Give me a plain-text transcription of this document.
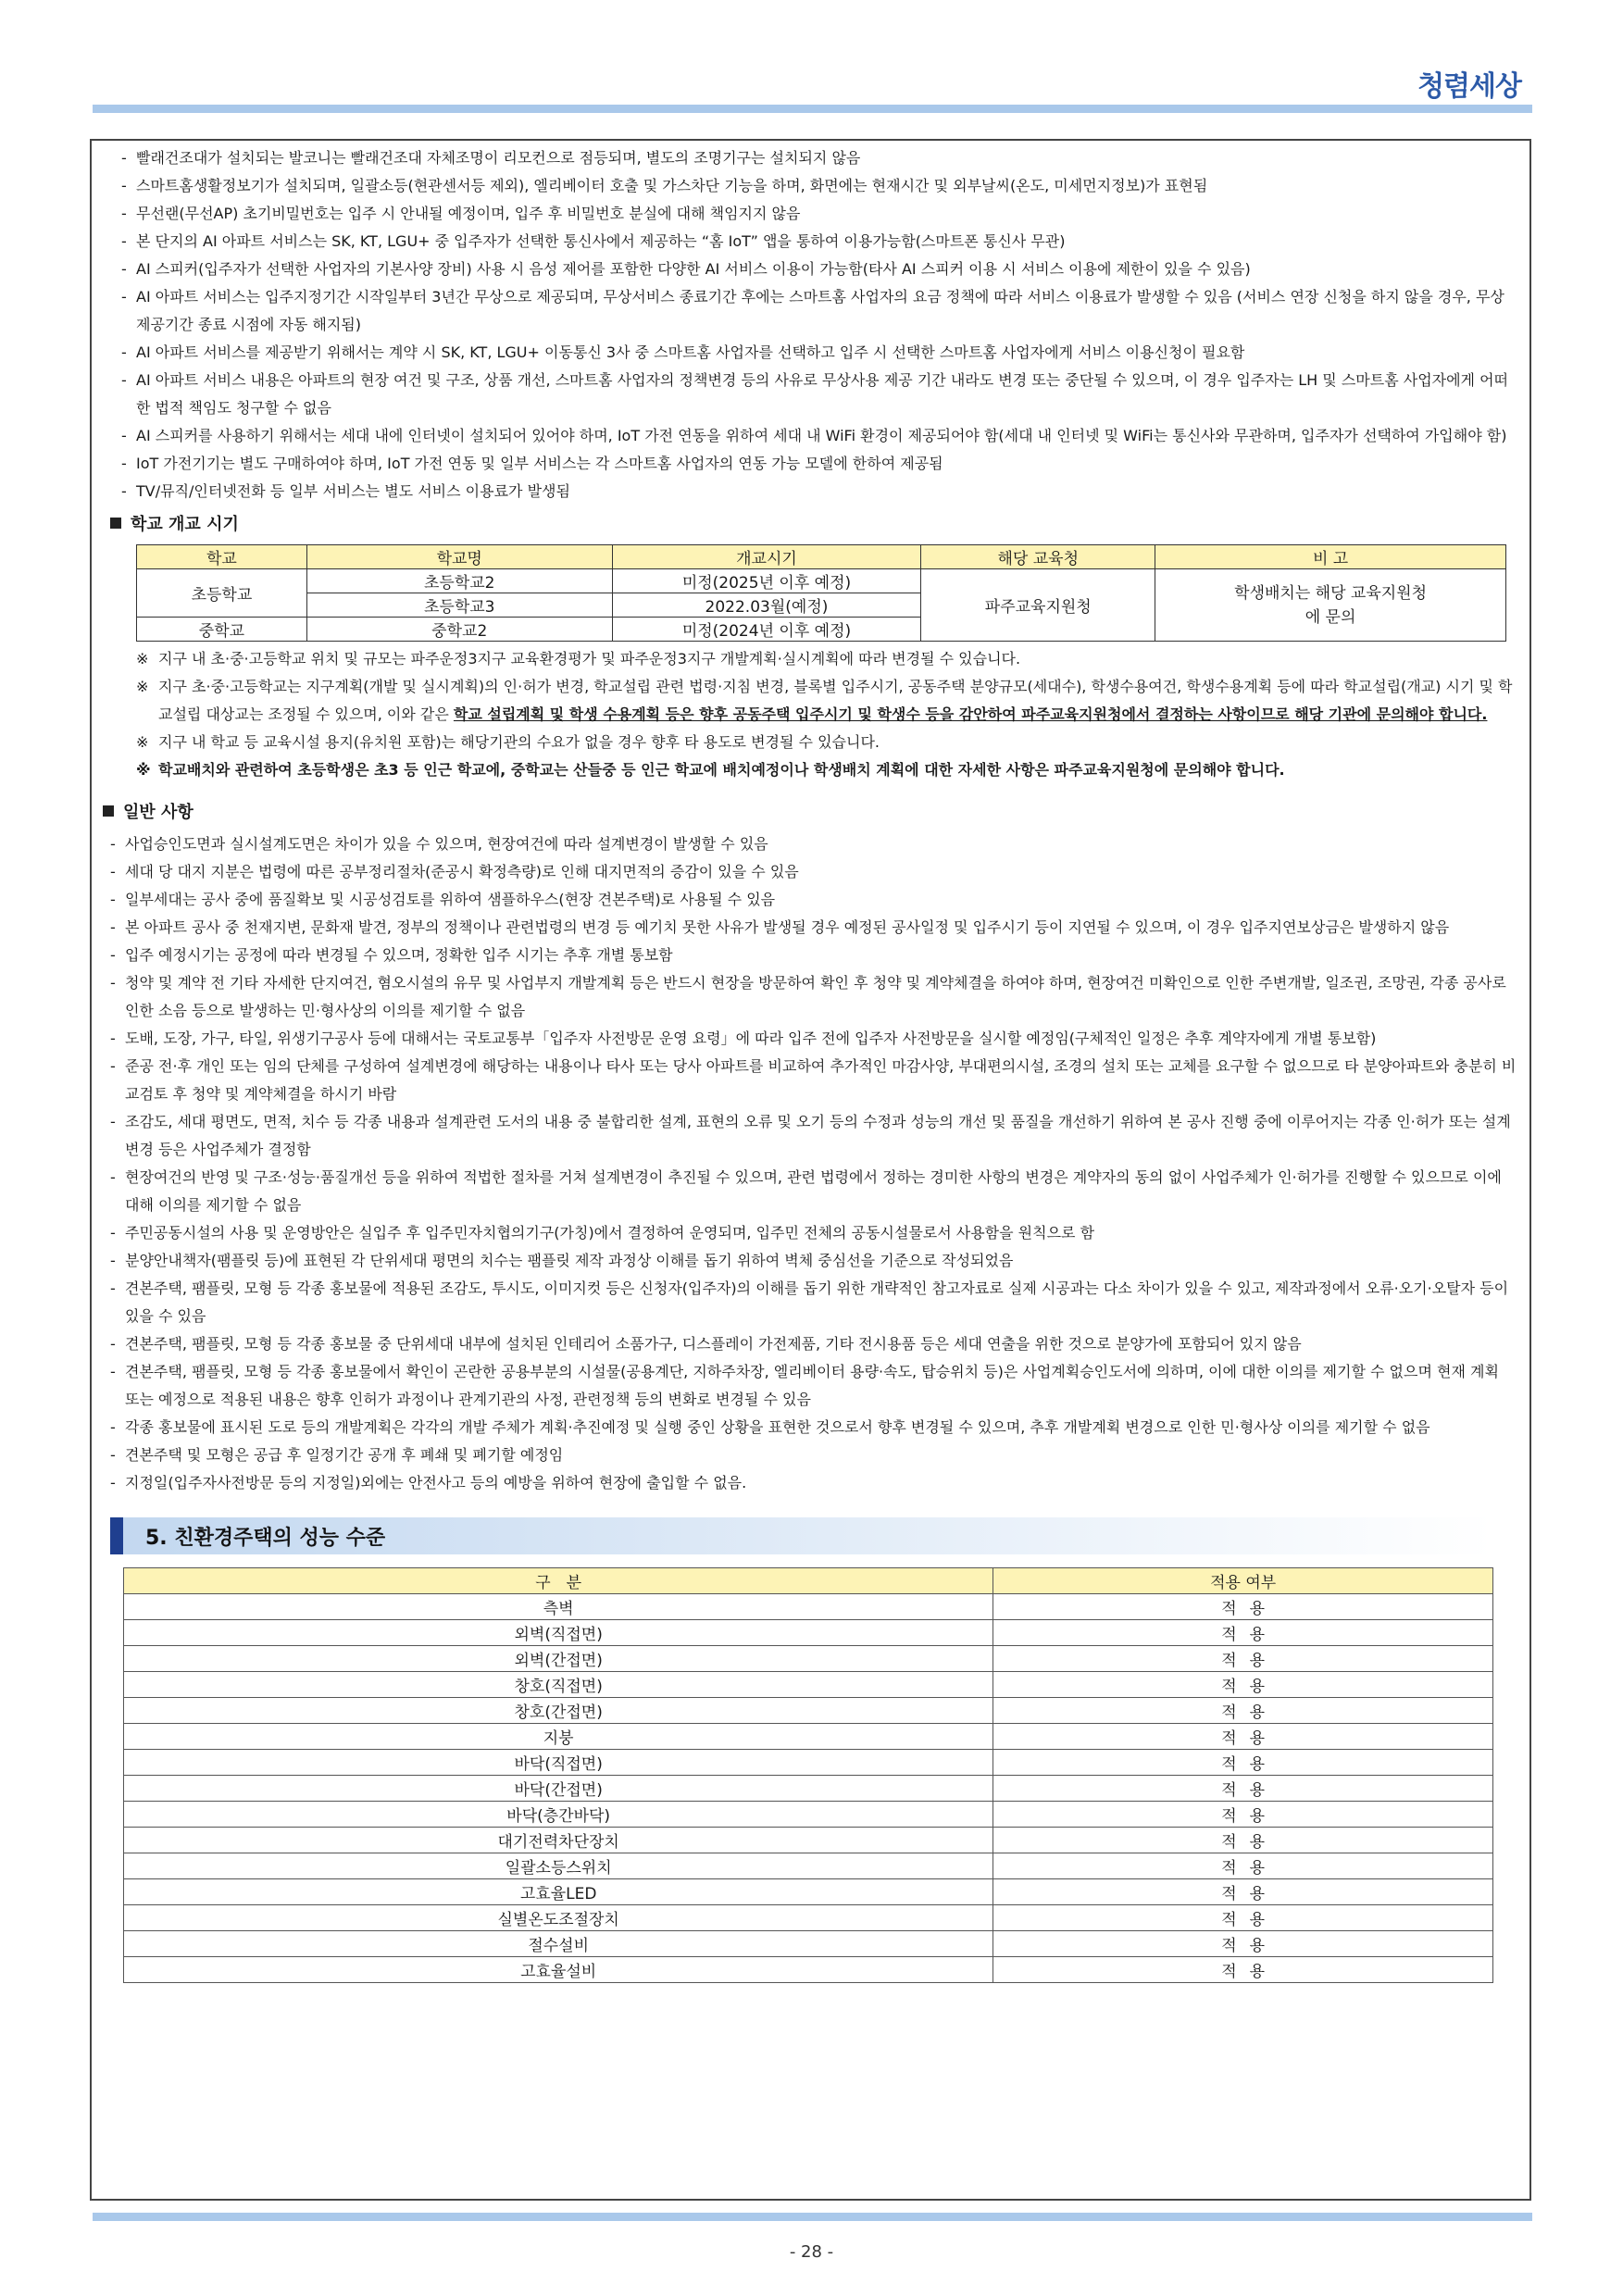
청렴세상
- 빨래건조대가 설치되는 발코니는 빨래건조대 자체조명이 리모컨으로 점등되며, 별도의 조명기구는 설치되지 않음
- 스마트홈생활정보기가 설치되며, 일괄소등(현관센서등 제외), 엘리베이터 호출 및 가스차단 기능을 하며, 화면에는 현재시간 및 외부날씨(온도, 미세먼지정보)가 표현됨
- 무선랜(무선AP) 초기비밀번호는 입주 시 안내될 예정이며, 입주 후 비밀번호 분실에 대해 책임지지 않음
- 본 단지의 AI 아파트 서비스는 SK, KT, LGU+ 중 입주자가 선택한 통신사에서 제공하는 “홈 IoT” 앱을 통하여 이용가능함(스마트폰 통신사 무관)
- AI 스피커(입주자가 선택한 사업자의 기본사양 장비) 사용 시 음성 제어를 포함한 다양한 AI 서비스 이용이 가능함(타사 AI 스피커 이용 시 서비스 이용에 제한이 있을 수 있음)
- AI 아파트 서비스는 입주지정기간 시작일부터 3년간 무상으로 제공되며, 무상서비스 종료기간 후에는 스마트홈 사업자의 요금 정책에 따라 서비스 이용료가 발생할 수 있음 (서비스 연장 신청을 하지 않을 경우, 무상 제공기간 종료 시점에 자동 해지됨)
- AI 아파트 서비스를 제공받기 위해서는 계약 시 SK, KT, LGU+ 이동통신 3사 중 스마트홈 사업자를 선택하고 입주 시 선택한 스마트홈 사업자에게 서비스 이용신청이 필요함
- AI 아파트 서비스 내용은 아파트의 현장 여건 및 구조, 상품 개선, 스마트홈 사업자의 정책변경 등의 사유로 무상사용 제공 기간 내라도 변경 또는 중단될 수 있으며, 이 경우 입주자는 LH 및 스마트홈 사업자에게 어떠한 법적 책임도 청구할 수 없음
- AI 스피커를 사용하기 위해서는 세대 내에 인터넷이 설치되어 있어야 하며, IoT 가전 연동을 위하여 세대 내 WiFi 환경이 제공되어야 함(세대 내 인터넷 및 WiFi는 통신사와 무관하며, 입주자가 선택하여 가입해야 함)
- IoT 가전기기는 별도 구매하여야 하며, IoT 가전 연동 및 일부 서비스는 각 스마트홈 사업자의 연동 가능 모델에 한하여 제공됨
- TV/뮤직/인터넷전화 등 일부 서비스는 별도 서비스 이용료가 발생됨
학교 개교 시기
학교	학교명	개교시기	해당 교육청	비 고
초등학교	초등학교2	미정(2025년 이후 예정)	파주교육지원청	학생배치는 해당 교육지원청에 문의
	초등학교3	2022.03월(예정)		
중학교	중학교2	미정(2024년 이후 예정)		
※ 지구 내 초·중·고등학교 위치 및 규모는 파주운정3지구 교육환경평가 및 파주운정3지구 개발계획·실시계획에 따라 변경될 수 있습니다.
※ 지구 초·중·고등학교는 지구계획(개발 및 실시계획)의 인·허가 변경, 학교설립 관련 법령·지침 변경, 블록별 입주시기, 공동주택 분양규모(세대수), 학생수용여건, 학생수용계획 등에 따라 학교설립(개교) 시기 및 학교설립 대상교는 조정될 수 있으며, 이와 같은 학교 설립계획 및 학생 수용계획 등은 향후 공동주택 입주시기 및 학생수 등을 감안하여 파주교육지원청에서 결정하는 사항이므로 해당 기관에 문의해야 합니다.
※ 지구 내 학교 등 교육시설 용지(유치원 포함)는 해당기관의 수요가 없을 경우 향후 타 용도로 변경될 수 있습니다.
※ 학교배치와 관련하여 초등학생은 초3 등 인근 학교에, 중학교는 산들중 등 인근 학교에 배치예정이나 학생배치 계획에 대한 자세한 사항은 파주교육지원청에 문의해야 합니다.
일반 사항
- 사업승인도면과 실시설계도면은 차이가 있을 수 있으며, 현장여건에 따라 설계변경이 발생할 수 있음
- 세대 당 대지 지분은 법령에 따른 공부정리절차(준공시 확정측량)로 인해 대지면적의 증감이 있을 수 있음
- 일부세대는 공사 중에 품질확보 및 시공성검토를 위하여 샘플하우스(현장 견본주택)로 사용될 수 있음
- 본 아파트 공사 중 천재지변, 문화재 발견, 정부의 정책이나 관련법령의 변경 등 예기치 못한 사유가 발생될 경우 예정된 공사일정 및 입주시기 등이 지연될 수 있으며, 이 경우 입주지연보상금은 발생하지 않음
- 입주 예정시기는 공정에 따라 변경될 수 있으며, 정확한 입주 시기는 추후 개별 통보함
- 청약 및 계약 전 기타 자세한 단지여건, 혐오시설의 유무 및 사업부지 개발계획 등은 반드시 현장을 방문하여 확인 후 청약 및 계약체결을 하여야 하며, 현장여건 미확인으로 인한 주변개발, 일조권, 조망권, 각종 공사로 인한 소음 등으로 발생하는 민·형사상의 이의를 제기할 수 없음
- 도배, 도장, 가구, 타일, 위생기구공사 등에 대해서는 국토교통부「입주자 사전방문 운영 요령」에 따라 입주 전에 입주자 사전방문을 실시할 예정임(구체적인 일정은 추후 계약자에게 개별 통보함)
- 준공 전·후 개인 또는 임의 단체를 구성하여 설계변경에 해당하는 내용이나 타사 또는 당사 아파트를 비교하여 추가적인 마감사양, 부대편의시설, 조경의 설치 또는 교체를 요구할 수 없으므로 타 분양아파트와 충분히 비교검토 후 청약 및 계약체결을 하시기 바람
- 조감도, 세대 평면도, 면적, 치수 등 각종 내용과 설계관련 도서의 내용 중 불합리한 설계, 표현의 오류 및 오기 등의 수정과 성능의 개선 및 품질을 개선하기 위하여 본 공사 진행 중에 이루어지는 각종 인·허가 또는 설계변경 등은 사업주체가 결정함
- 현장여건의 반영 및 구조·성능·품질개선 등을 위하여 적법한 절차를 거쳐 설계변경이 추진될 수 있으며, 관련 법령에서 정하는 경미한 사항의 변경은 계약자의 동의 없이 사업주체가 인·허가를 진행할 수 있으므로 이에 대해 이의를 제기할 수 없음
- 주민공동시설의 사용 및 운영방안은 실입주 후 입주민자치협의기구(가칭)에서 결정하여 운영되며, 입주민 전체의 공동시설물로서 사용함을 원칙으로 함
- 분양안내책자(팸플릿 등)에 표현된 각 단위세대 평면의 치수는 팸플릿 제작 과정상 이해를 돕기 위하여 벽체 중심선을 기준으로 작성되었음
- 견본주택, 팸플릿, 모형 등 각종 홍보물에 적용된 조감도, 투시도, 이미지컷 등은 신청자(입주자)의 이해를 돕기 위한 개략적인 참고자료로 실제 시공과는 다소 차이가 있을 수 있고, 제작과정에서 오류·오기·오탈자 등이 있을 수 있음
- 견본주택, 팸플릿, 모형 등 각종 홍보물 중 단위세대 내부에 설치된 인테리어 소품가구, 디스플레이 가전제품, 기타 전시용품 등은 세대 연출을 위한 것으로 분양가에 포함되어 있지 않음
- 견본주택, 팸플릿, 모형 등 각종 홍보물에서 확인이 곤란한 공용부분의 시설물(공용계단, 지하주차장, 엘리베이터 용량·속도, 탑승위치 등)은 사업계획승인도서에 의하며, 이에 대한 이의를 제기할 수 없으며 현재 계획 또는 예정으로 적용된 내용은 향후 인허가 과정이나 관계기관의 사정, 관련정책 등의 변화로 변경될 수 있음
- 각종 홍보물에 표시된 도로 등의 개발계획은 각각의 개발 주체가 계획·추진예정 및 실행 중인 상황을 표현한 것으로서 향후 변경될 수 있으며, 추후 개발계획 변경으로 인한 민·형사상 이의를 제기할 수 없음
- 견본주택 및 모형은 공급 후 일정기간 공개 후 폐쇄 및 폐기할 예정임
- 지정일(입주자사전방문 등의 지정일)외에는 안전사고 등의 예방을 위하여 현장에 출입할 수 없음.
5. 친환경주택의 성능 수준
구　분	적용 여부
측벽	적용
외벽(직접면)	적용
외벽(간접면)	적용
창호(직접면)	적용
창호(간접면)	적용
지붕	적용
바닥(직접면)	적용
바닥(간접면)	적용
바닥(층간바닥)	적용
대기전력차단장치	적용
일괄소등스위치	적용
고효율LED	적용
실별온도조절장치	적용
절수설비	적용
고효율설비	적용
- 28 -
